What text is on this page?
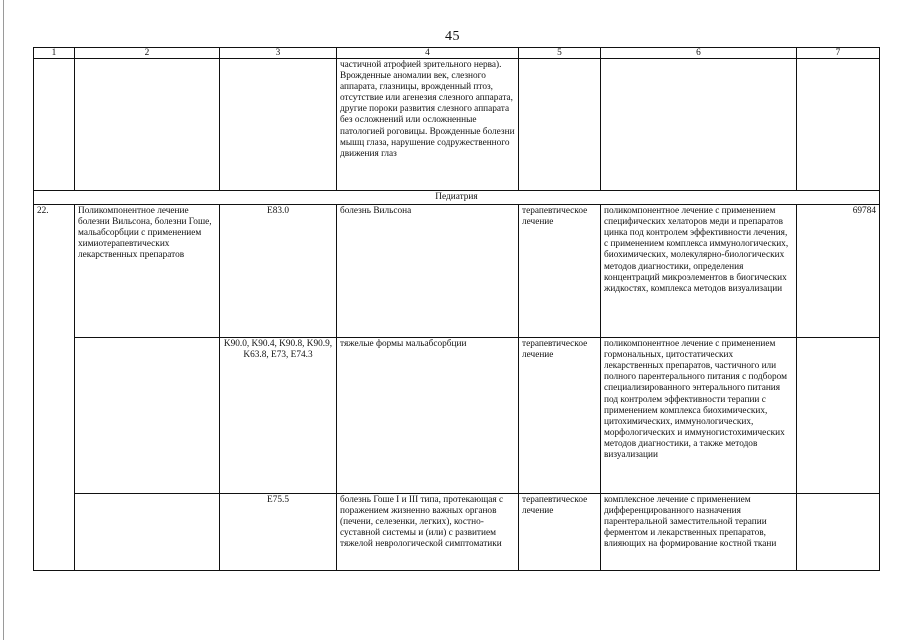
45
1	2	3	4	5	6	7
			частичной атрофией зрительного нерва). Врожденные аномалии век, слезного аппарата, глазницы, врожденный птоз, отсутствие или агенезия слезного аппарата, другие пороки развития слезного аппарата без осложнений или осложненные патологией роговицы. Врожденные болезни мышц глаза, нарушение содружественного движения глаз			
Педиатрия						
22.	Поликомпонентное лечение болезни Вильсона, болезни Гоше, мальабсорбции с применением химиотерапевтических лекарственных препаратов	E83.0	болезнь Вильсона	терапевтическое лечение	поликомпонентное лечение с применением специфических хелаторов меди и препаратов цинка под контролем эффективности лечения, с применением комплекса иммунологических, биохимических, молекулярно-биологических методов диагностики, определения концентраций микроэлементов в биогических жидкостях, комплекса методов визуализации	69784
		K90.0, K90.4, K90.8, K90.9, K63.8, E73, E74.3	тяжелые формы мальабсорбции	терапевтическое лечение	поликомпонентное лечение с применением гормональных, цитостатических лекарственных препаратов, частичного или полного парентерального питания с подбором специализированного энтерального питания под контролем эффективности терапии с применением комплекса биохимических, цитохимических, иммунологических, морфологических и иммуногистохимических методов диагностики, а также методов визуализации	
		E75.5	болезнь Гоше I и III типа, протекающая с поражением жизненно важных органов (печени, селезенки, легких), костно-суставной системы и (или) с развитием тяжелой неврологической симптоматики	терапевтическое лечение	комплексное лечение с применением дифференцированного назначения парентеральной заместительной терапии ферментом и лекарственных препаратов, влияющих на формирование костной ткани	
